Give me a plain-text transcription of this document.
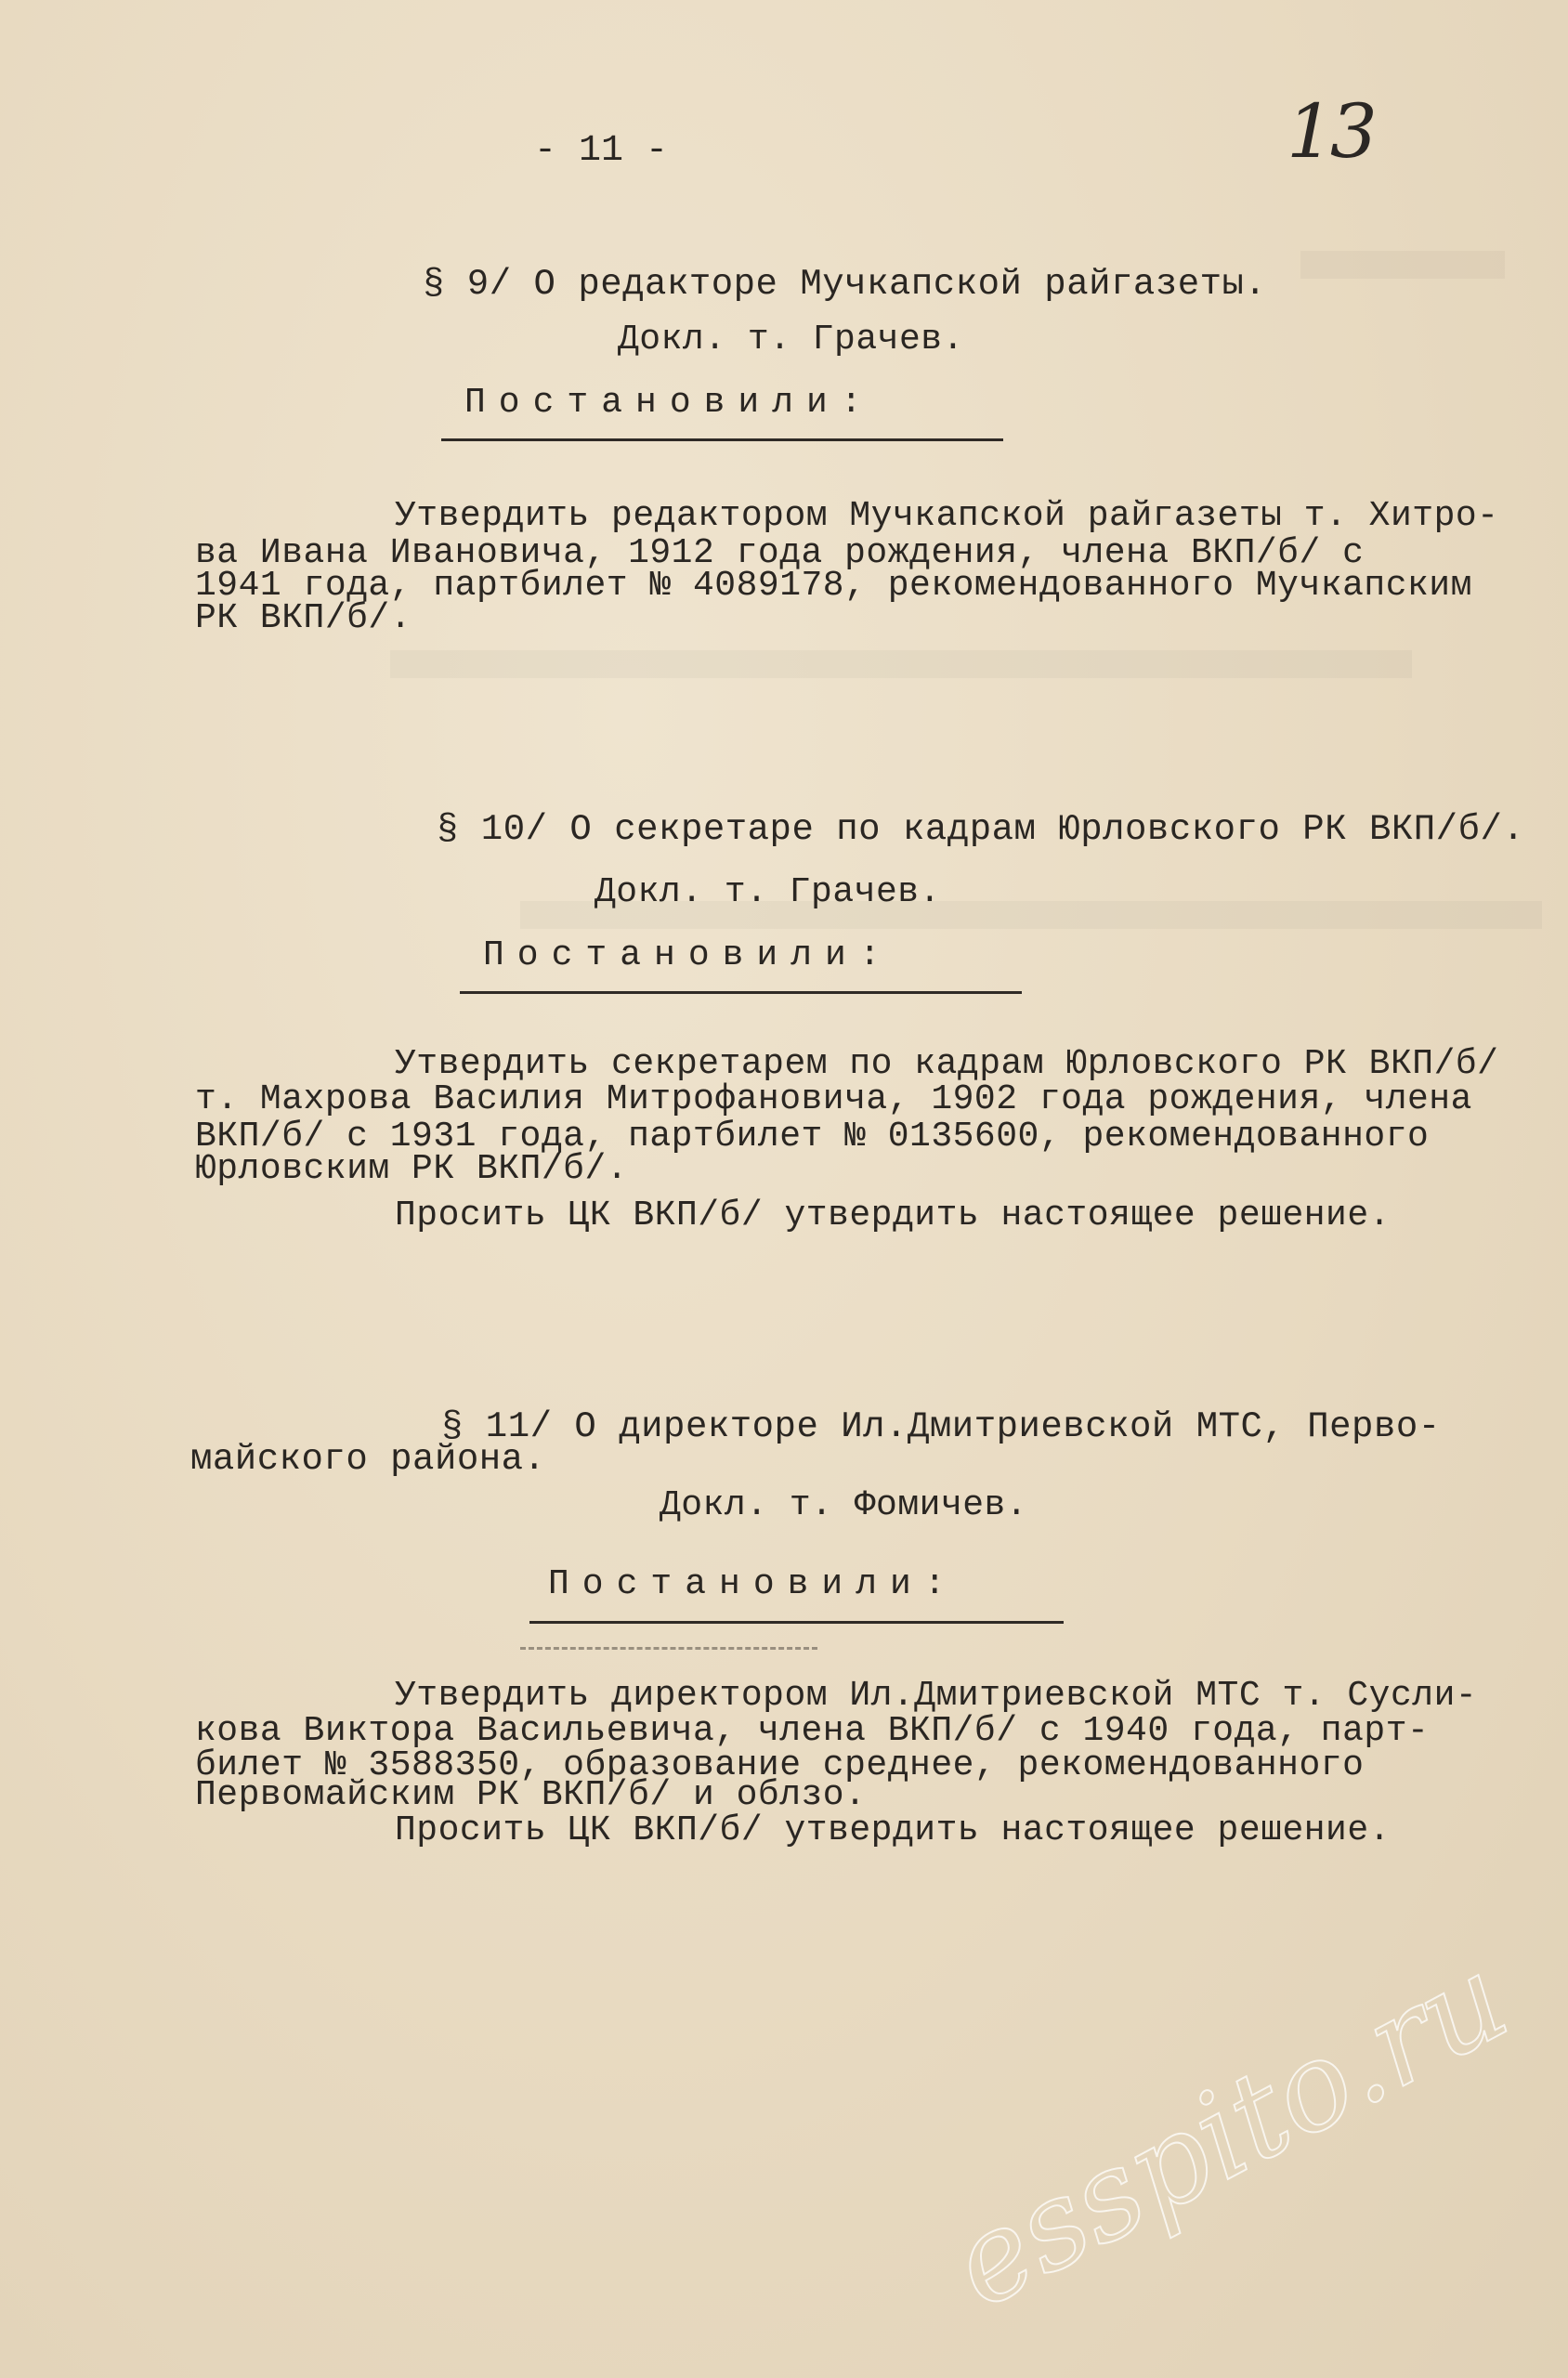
- 11 -	13
§ 9/ О редакторе Мучкапской райгазеты.
Докл. т. Грачев.
Постановили:
Утвердить редактором Мучкапской райгазеты т. Хитро-
ва Ивана Ивановича, 1912 года рождения, члена ВКП/б/ с
1941 года, партбилет № 4089178, рекомендованного Мучкапским
РК ВКП/б/.
§ 10/ О секретаре по кадрам Юрловского РК ВКП/б/.
Докл. т. Грачев.
Постановили:
Утвердить секретарем по кадрам Юрловского РК ВКП/б/
т. Махрова Василия Митрофановича, 1902 года рождения, члена
ВКП/б/ с 1931 года, партбилет № 0135600, рекомендованного
Юрловским РК ВКП/б/.
Просить ЦК ВКП/б/ утвердить настоящее решение.
§ 11/ О директоре Ил.Дмитриевской МТС, Перво-
майского района.
Докл. т. Фомичев.
Постановили:
Утвердить директором Ил.Дмитриевской МТС т. Сусли-
кова Виктора Васильевича, члена ВКП/б/ с 1940 года, парт-
билет № 3588350, образование среднее, рекомендованного
Первомайским РК ВКП/б/ и облзо.
Просить ЦК ВКП/б/ утвердить настоящее решение.
esspito.ru
